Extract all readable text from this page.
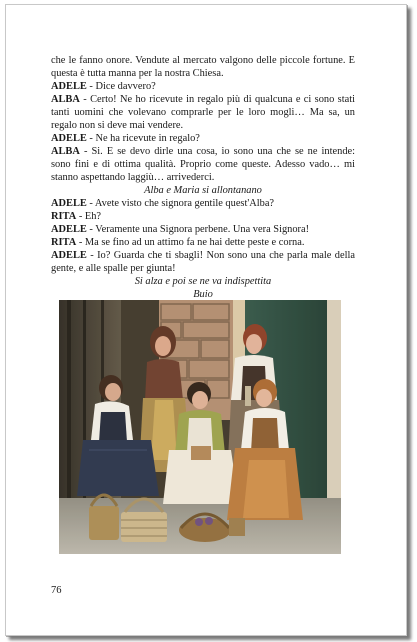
che le fanno onore. Vendute al mercato valgono delle piccole fortune. E questa è tutta manna per la nostra Chiesa.

ADELE - Dice davvero?

ALBA - Certo! Ne ho ricevute in regalo più di qualcuna e ci sono stati tanti uomini che volevano comprarle per le loro mogli… Ma sa, un regalo non si deve mai vendere.

ADELE - Ne ha ricevute in regalo?

ALBA - Si. E se devo dirle una cosa, io sono una che se ne intende: sono fini e di ottima qualità. Proprio come queste. Adesso vado… mi stanno aspettando laggiù… arrivederci.

Alba e Maria si allontanano

ADELE - Avete visto che signora gentile quest'Alba?

RITA - Eh?

ADELE - Veramente una Signora perbene. Una vera Signora!

RITA - Ma se fino ad un attimo fa ne hai dette peste e corna.

ADELE - Io? Guarda che ti sbagli! Non sono una che parla male della gente, e alle spalle per giunta!

Si alza e poi se ne va indispettita

Buio

76
